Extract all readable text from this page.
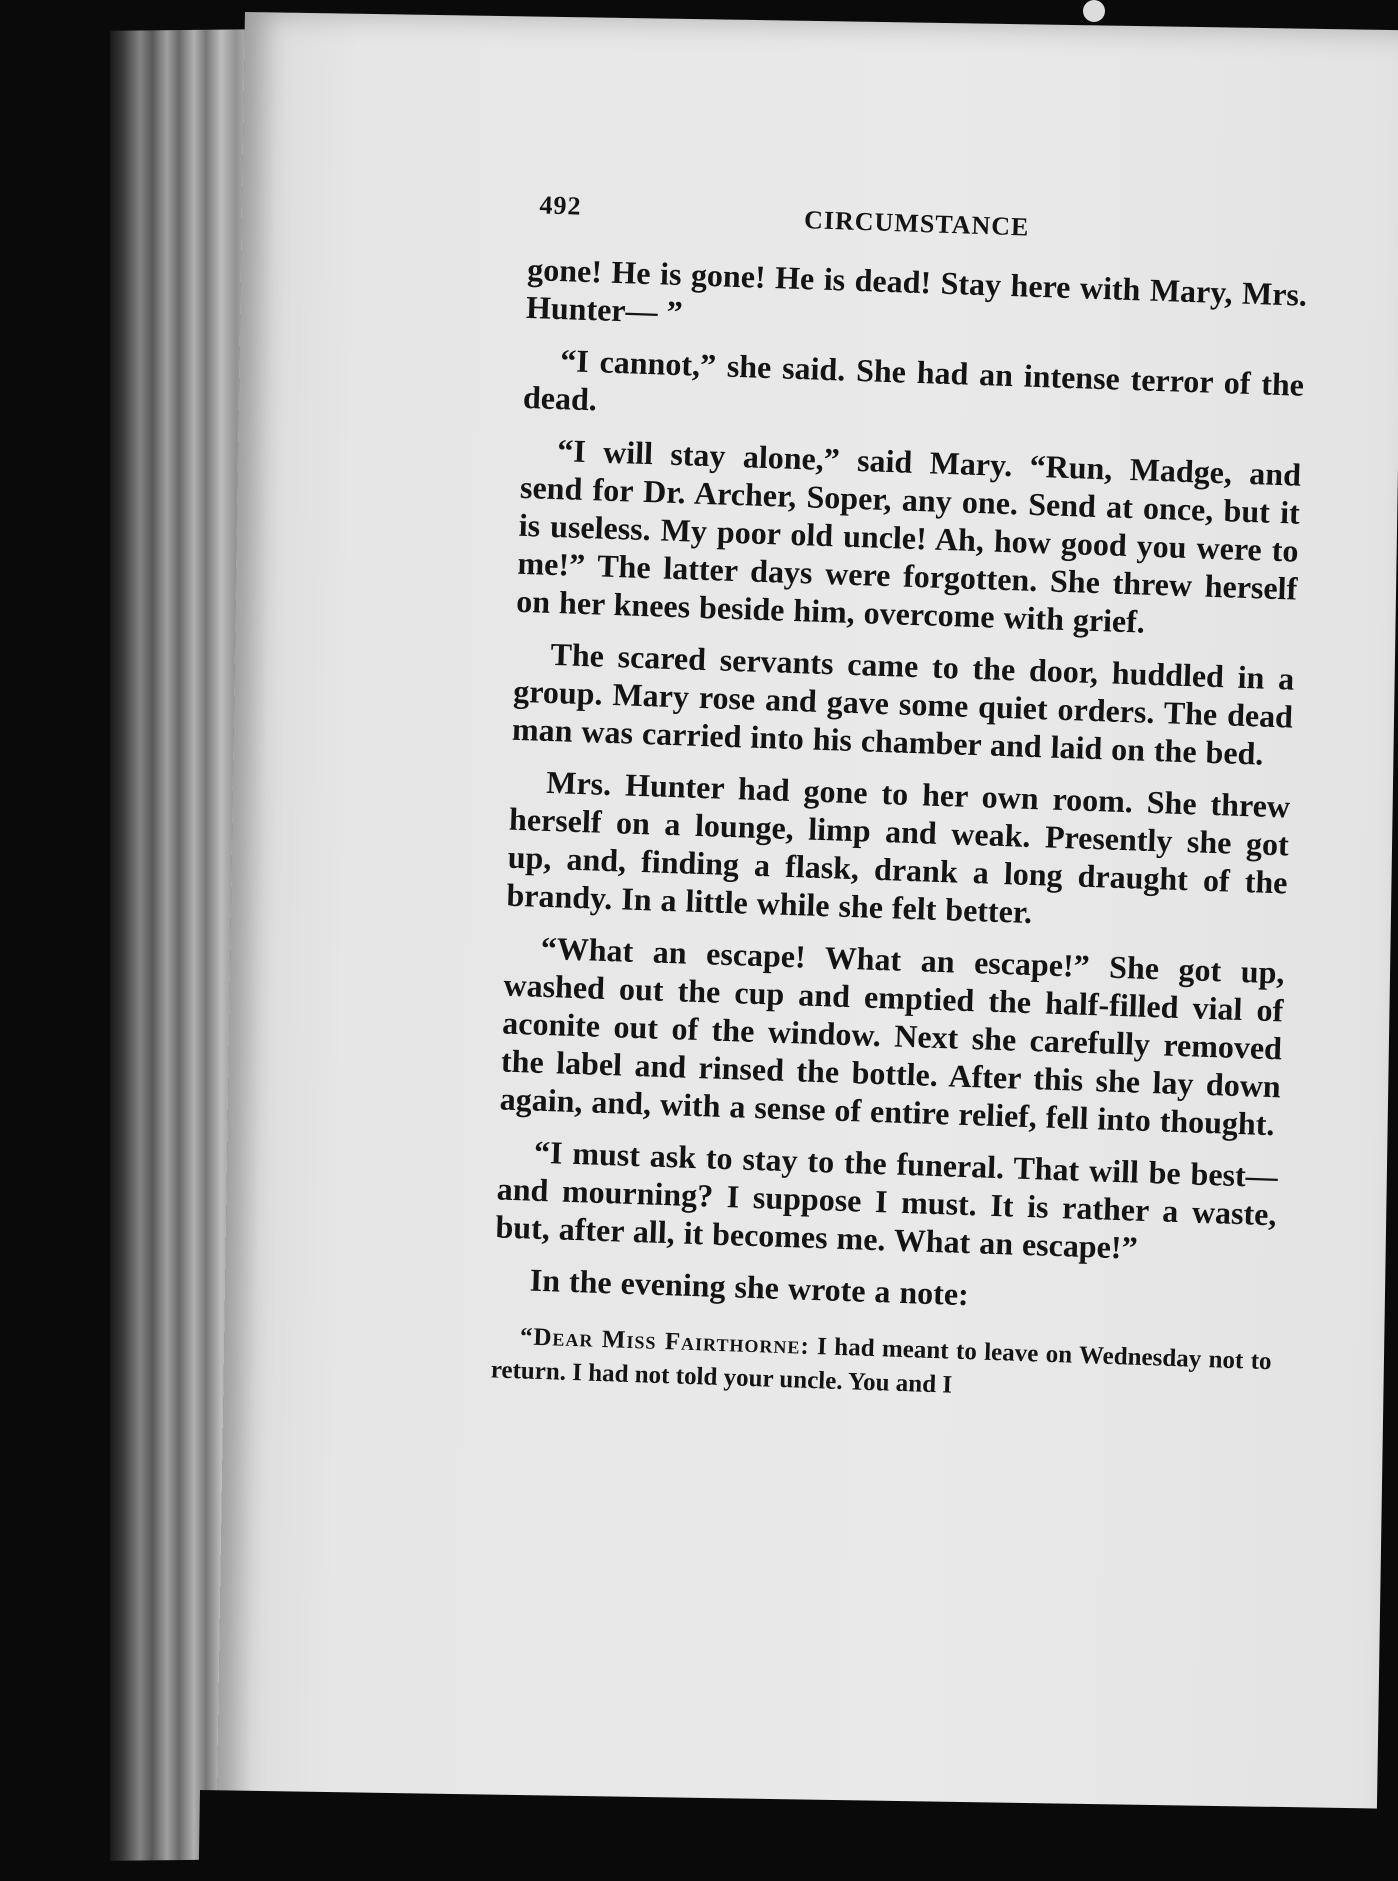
492	CIRCUMSTANCE

gone! He is gone! He is dead! Stay here with Mary, Mrs. Hunter— ”

“I cannot,” she said. She had an intense terror of the dead.

“I will stay alone,” said Mary. “Run, Madge, and send for Dr. Archer, Soper, any one. Send at once, but it is useless. My poor old uncle! Ah, how good you were to me!” The latter days were forgotten. She threw herself on her knees beside him, overcome with grief.

The scared servants came to the door, huddled in a group. Mary rose and gave some quiet orders. The dead man was carried into his chamber and laid on the bed.

Mrs. Hunter had gone to her own room. She threw herself on a lounge, limp and weak. Presently she got up, and, finding a flask, drank a long draught of the brandy. In a little while she felt better.

“What an escape! What an escape!” She got up, washed out the cup and emptied the half-filled vial of aconite out of the window. Next she carefully removed the label and rinsed the bottle. After this she lay down again, and, with a sense of entire relief, fell into thought.

“I must ask to stay to the funeral. That will be best—and mourning? I suppose I must. It is rather a waste, but, after all, it becomes me. What an escape!”

In the evening she wrote a note:

“Dear Miss Fairthorne: I had meant to leave on Wednesday not to return. I had not told your uncle. You and I
